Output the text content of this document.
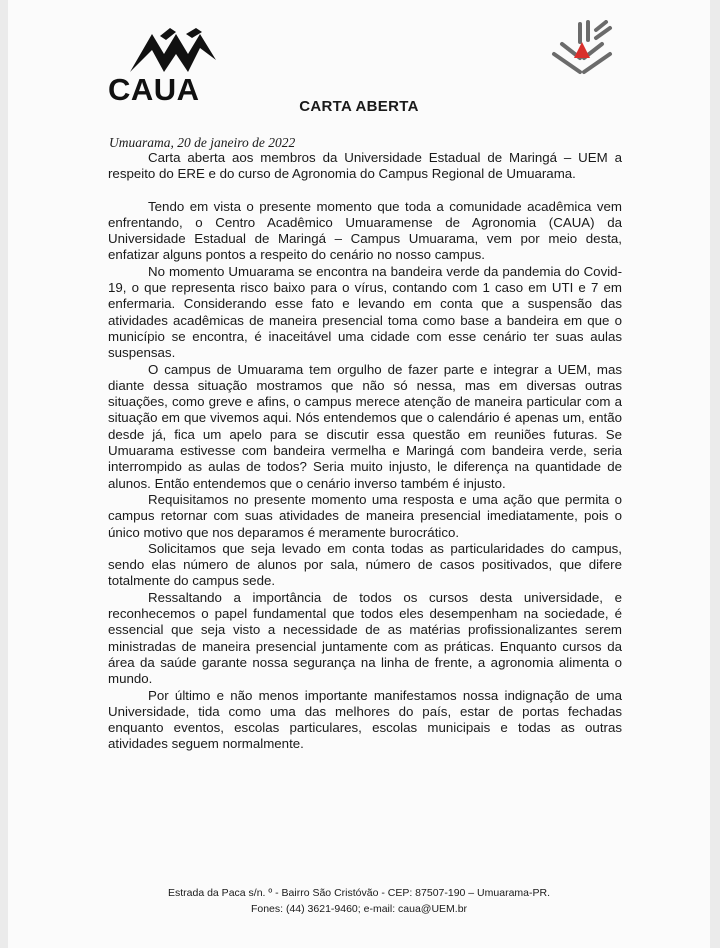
CAUA	CARTA ABERTA
Umuarama, 20 de janeiro de 2022

Carta aberta aos membros da Universidade Estadual de Maringá – UEM a respeito do ERE e do curso de Agronomia do Campus Regional de Umuarama.

Tendo em vista o presente momento que toda a comunidade acadêmica vem enfrentando, o Centro Acadêmico Umuaramense de Agronomia (CAUA) da Universidade Estadual de Maringá – Campus Umuarama, vem por meio desta, enfatizar alguns pontos a respeito do cenário no nosso campus.

No momento Umuarama se encontra na bandeira verde da pandemia do Covid-19, o que representa risco baixo para o vírus, contando com 1 caso em UTI e 7 em enfermaria. Considerando esse fato e levando em conta que a suspensão das atividades acadêmicas de maneira presencial toma como base a bandeira em que o município se encontra, é inaceitável uma cidade com esse cenário ter suas aulas suspensas.

O campus de Umuarama tem orgulho de fazer parte e integrar a UEM, mas diante dessa situação mostramos que não só nessa, mas em diversas outras situações, como greve e afins, o campus merece atenção de maneira particular com a situação em que vivemos aqui. Nós entendemos que o calendário é apenas um, então desde já, fica um apelo para se discutir essa questão em reuniões futuras. Se Umuarama estivesse com bandeira vermelha e Maringá com bandeira verde, seria interrompido as aulas de todos? Seria muito injusto, le diferença na quantidade de alunos. Então entendemos que o cenário inverso também é injusto.

Requisitamos no presente momento uma resposta e uma ação que permita o campus retornar com suas atividades de maneira presencial imediatamente, pois o único motivo que nos deparamos é meramente burocrático.

Solicitamos que seja levado em conta todas as particularidades do campus, sendo elas número de alunos por sala, número de casos positivados, que difere totalmente do campus sede.

Ressaltando a importância de todos os cursos desta universidade, e reconhecemos o papel fundamental que todos eles desempenham na sociedade, é essencial que seja visto a necessidade de as matérias profissionalizantes serem ministradas de maneira presencial juntamente com as práticas. Enquanto cursos da área da saúde garante nossa segurança na linha de frente, a agronomia alimenta o mundo.

Por último e não menos importante manifestamos nossa indignação de uma Universidade, tida como uma das melhores do país, estar de portas fechadas enquanto eventos, escolas particulares, escolas municipais e todas as outras atividades seguem normalmente.

Estrada da Paca s/n. º - Bairro São Cristóvão - CEP: 87507-190 – Umuarama-PR.
Fones: (44) 3621-9460; e-mail: caua@UEM.br
